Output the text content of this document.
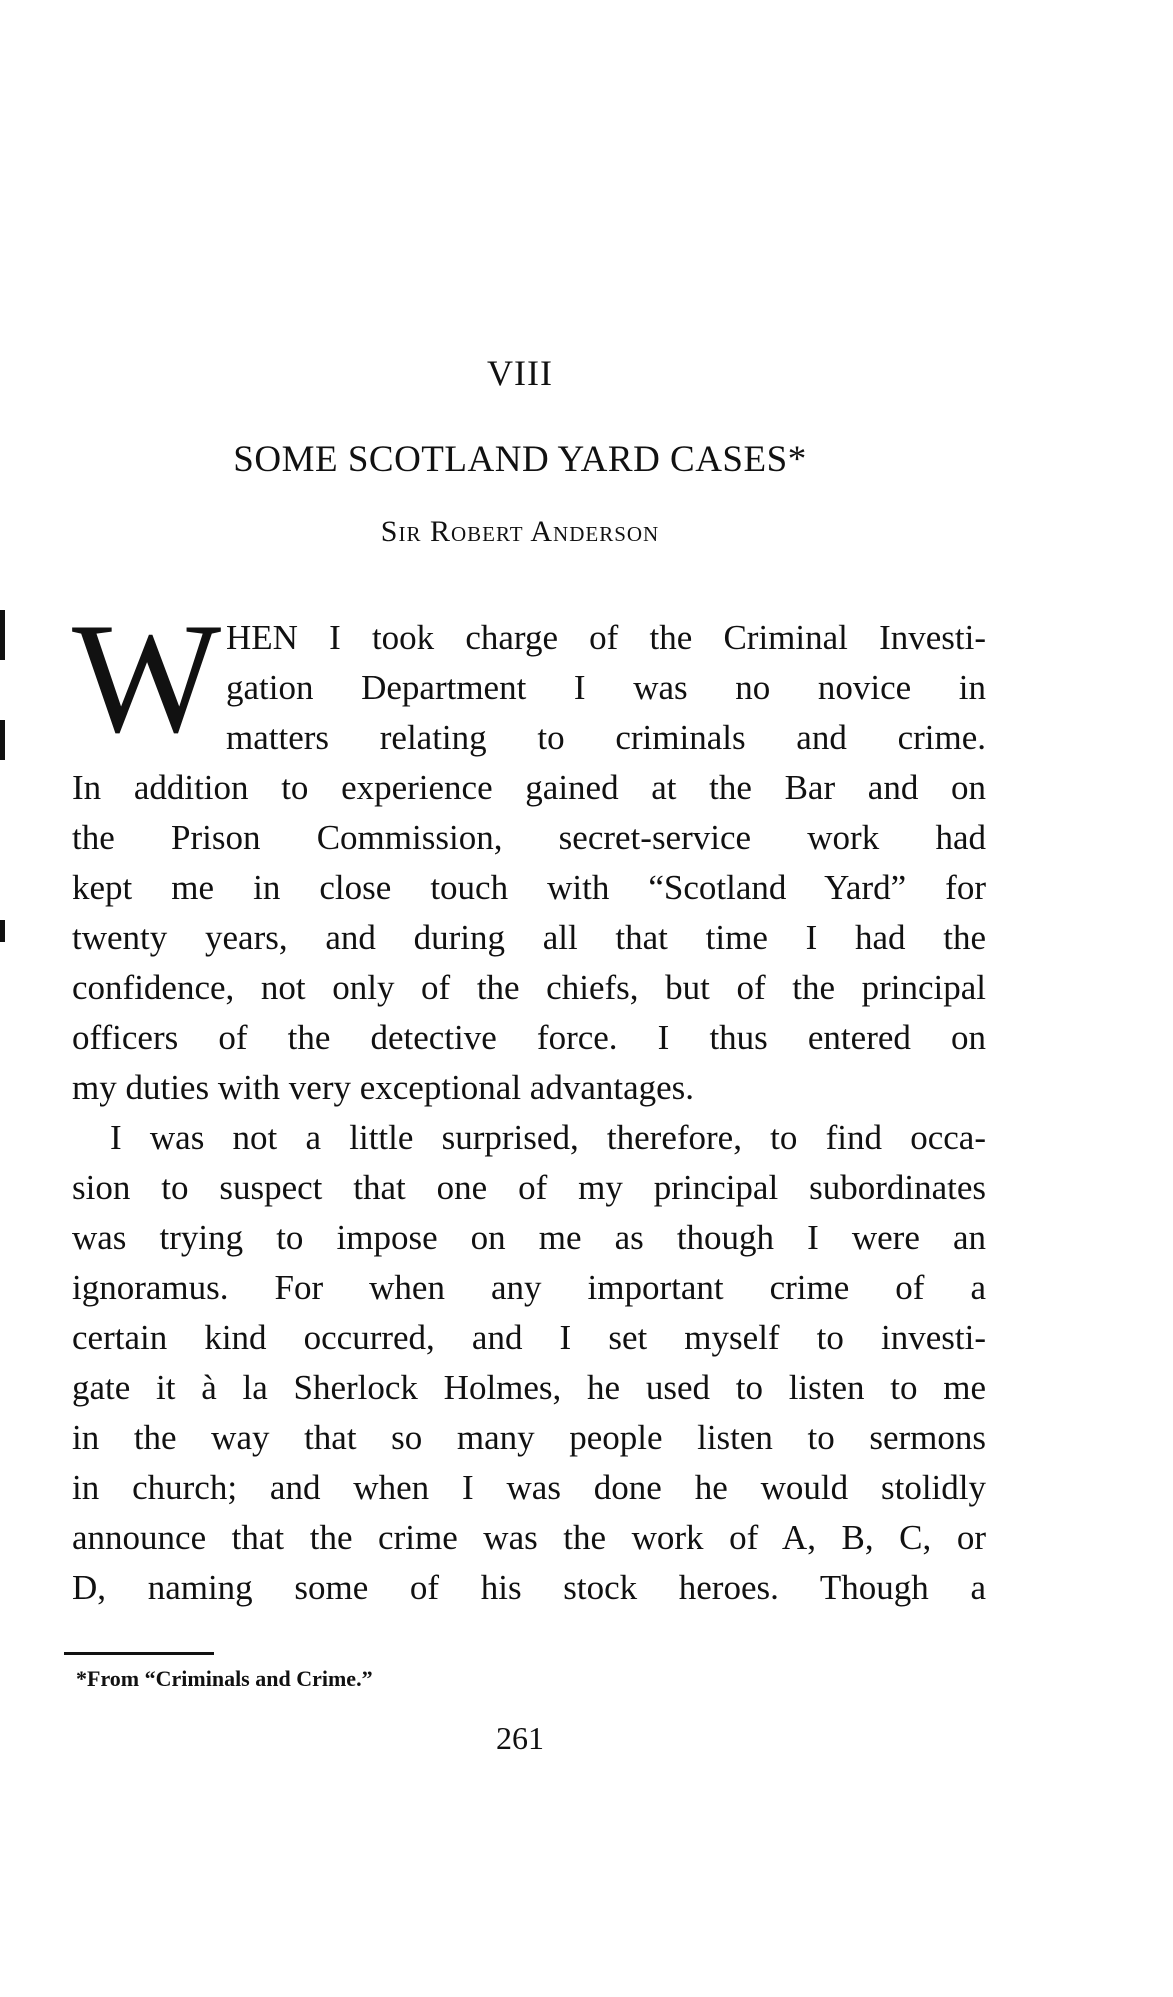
VIII
SOME SCOTLAND YARD CASES*
Sir Robert Anderson
W HEN I took charge of the Criminal Investi-
gation Department I was no novice in
matters relating to criminals and crime.
In addition to experience gained at the Bar and on
the Prison Commission, secret-service work had
kept me in close touch with “Scotland Yard” for
twenty years, and during all that time I had the
confidence, not only of the chiefs, but of the principal
officers of the detective force. I thus entered on
my duties with very exceptional advantages.
I was not a little surprised, therefore, to find occa-
sion to suspect that one of my principal subordinates
was trying to impose on me as though I were an
ignoramus. For when any important crime of a
certain kind occurred, and I set myself to investi-
gate it à la Sherlock Holmes, he used to listen to me
in the way that so many people listen to sermons
in church; and when I was done he would stolidly
announce that the crime was the work of A, B, C, or
D, naming some of his stock heroes. Though a
*From “Criminals and Crime.”
261
